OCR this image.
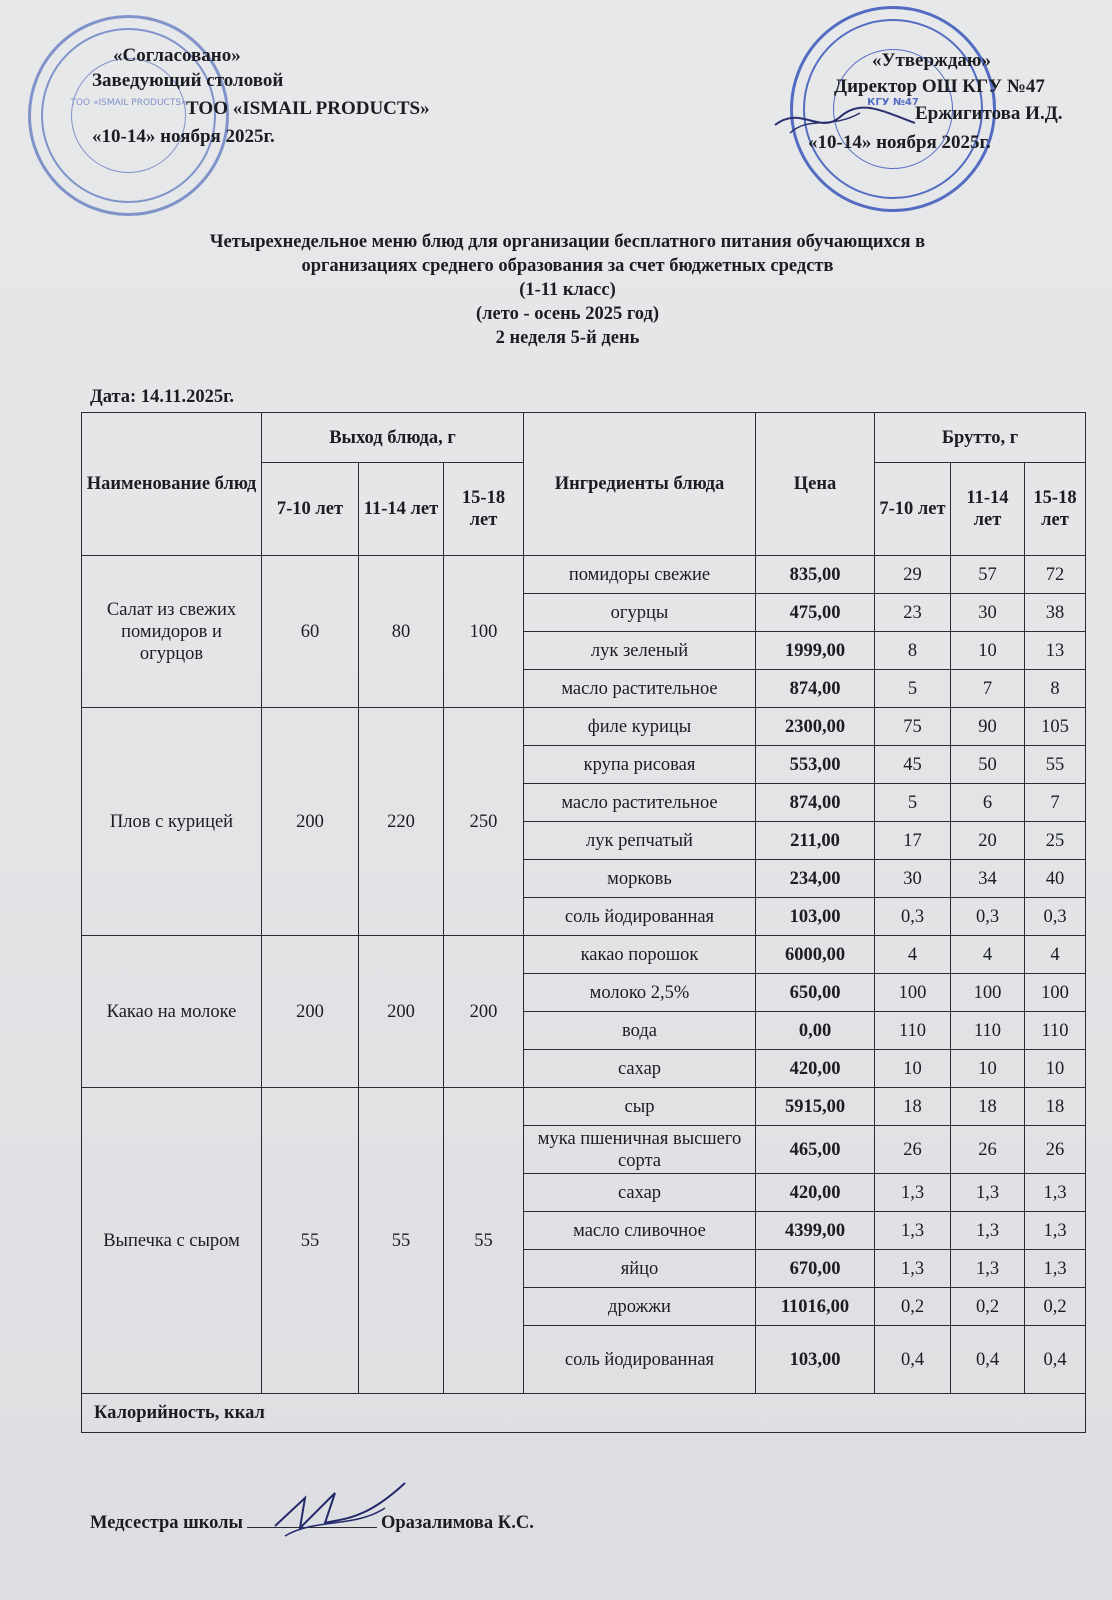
ТОО «ISMAIL PRODUCTS»	КГУ №47
«Согласовано»
Заведующий столовой
ТОО «ISMAIL PRODUCTS»
«10-14» ноября 2025г.
«Утверждаю»
Директор ОШ КГУ №47
Ержигитова И.Д.
«10-14» ноября 2025г.
Четырехнедельное меню блюд для организации бесплатного питания обучающихся в
организациях среднего образования за счет бюджетных средств
(1-11 класс)
(лето - осень 2025 год)
2 неделя 5-й день
Дата: 14.11.2025г.
Наименование блюд	Выход блюда, г			Ингредиенты блюда	Цена	Брутто, г		
	7-10 лет	11-14 лет	15-18 лет			7-10 лет	11-14 лет	15-18 лет
Салат из свежих помидоров и огурцов	60	80	100	помидоры свежие	835,00	29	57	72
				огурцы	475,00	23	30	38
				лук зеленый	1999,00	8	10	13
				масло растительное	874,00	5	7	8
Плов с курицей	200	220	250	филе курицы	2300,00	75	90	105
				крупа рисовая	553,00	45	50	55
				масло растительное	874,00	5	6	7
				лук репчатый	211,00	17	20	25
				морковь	234,00	30	34	40
				соль йодированная	103,00	0,3	0,3	0,3
Какао на молоке	200	200	200	какао порошок	6000,00	4	4	4
				молоко 2,5%	650,00	100	100	100
				вода	0,00	110	110	110
				сахар	420,00	10	10	10
Выпечка с сыром	55	55	55	сыр	5915,00	18	18	18
				мука пшеничная высшего сорта	465,00	26	26	26
				сахар	420,00	1,3	1,3	1,3
				масло сливочное	4399,00	1,3	1,3	1,3
				яйцо	670,00	1,3	1,3	1,3
				дрожжи	11016,00	0,2	0,2	0,2
				соль йодированная	103,00	0,4	0,4	0,4
Калорийность, ккал								
Медсестра школы	Оразалимова К.С.
